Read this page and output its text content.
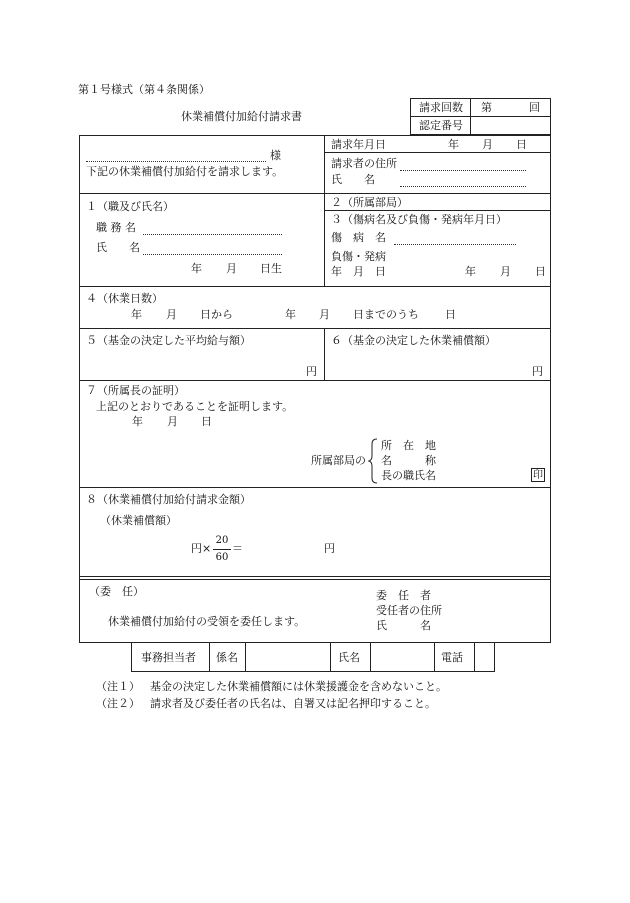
第１号様式（第４条関係）
休業補償付加給付請求書
請求回数 第	回
認定番号
様
下記の休業補償付加給付を請求します。
請求年月日	年 月 日
請求者の住所
氏　　名
１（職及び氏名）
職 務 名
氏　　名
年 月 日生
２（所属部局）
３（傷病名及び負傷・発病年月日）
傷　病　名
負傷・発病
年　月　日	年 月 日
４（休業日数）
年 月 日から	年 月 日までのうち 日
５（基金の決定した平均給与額）
円
６（基金の決定した休業補償額）
円
７（所属長の証明）
上記のとおりであることを証明します。
年 月 日
所属部局の
所　在　地
名　　　称
長の職氏名	印
８（休業補償付加給付請求金額）
（休業補償額）
円×
20
60
＝	円
（委　任）
休業補償付加給付の受領を委任します。
委　任　者
受任者の住所
氏　　　名
事務担当者 係名	氏名	電話
（注１） 基金の決定した休業補償額には休業援護金を含めないこと。
（注２） 請求者及び委任者の氏名は、自署又は記名押印すること。
